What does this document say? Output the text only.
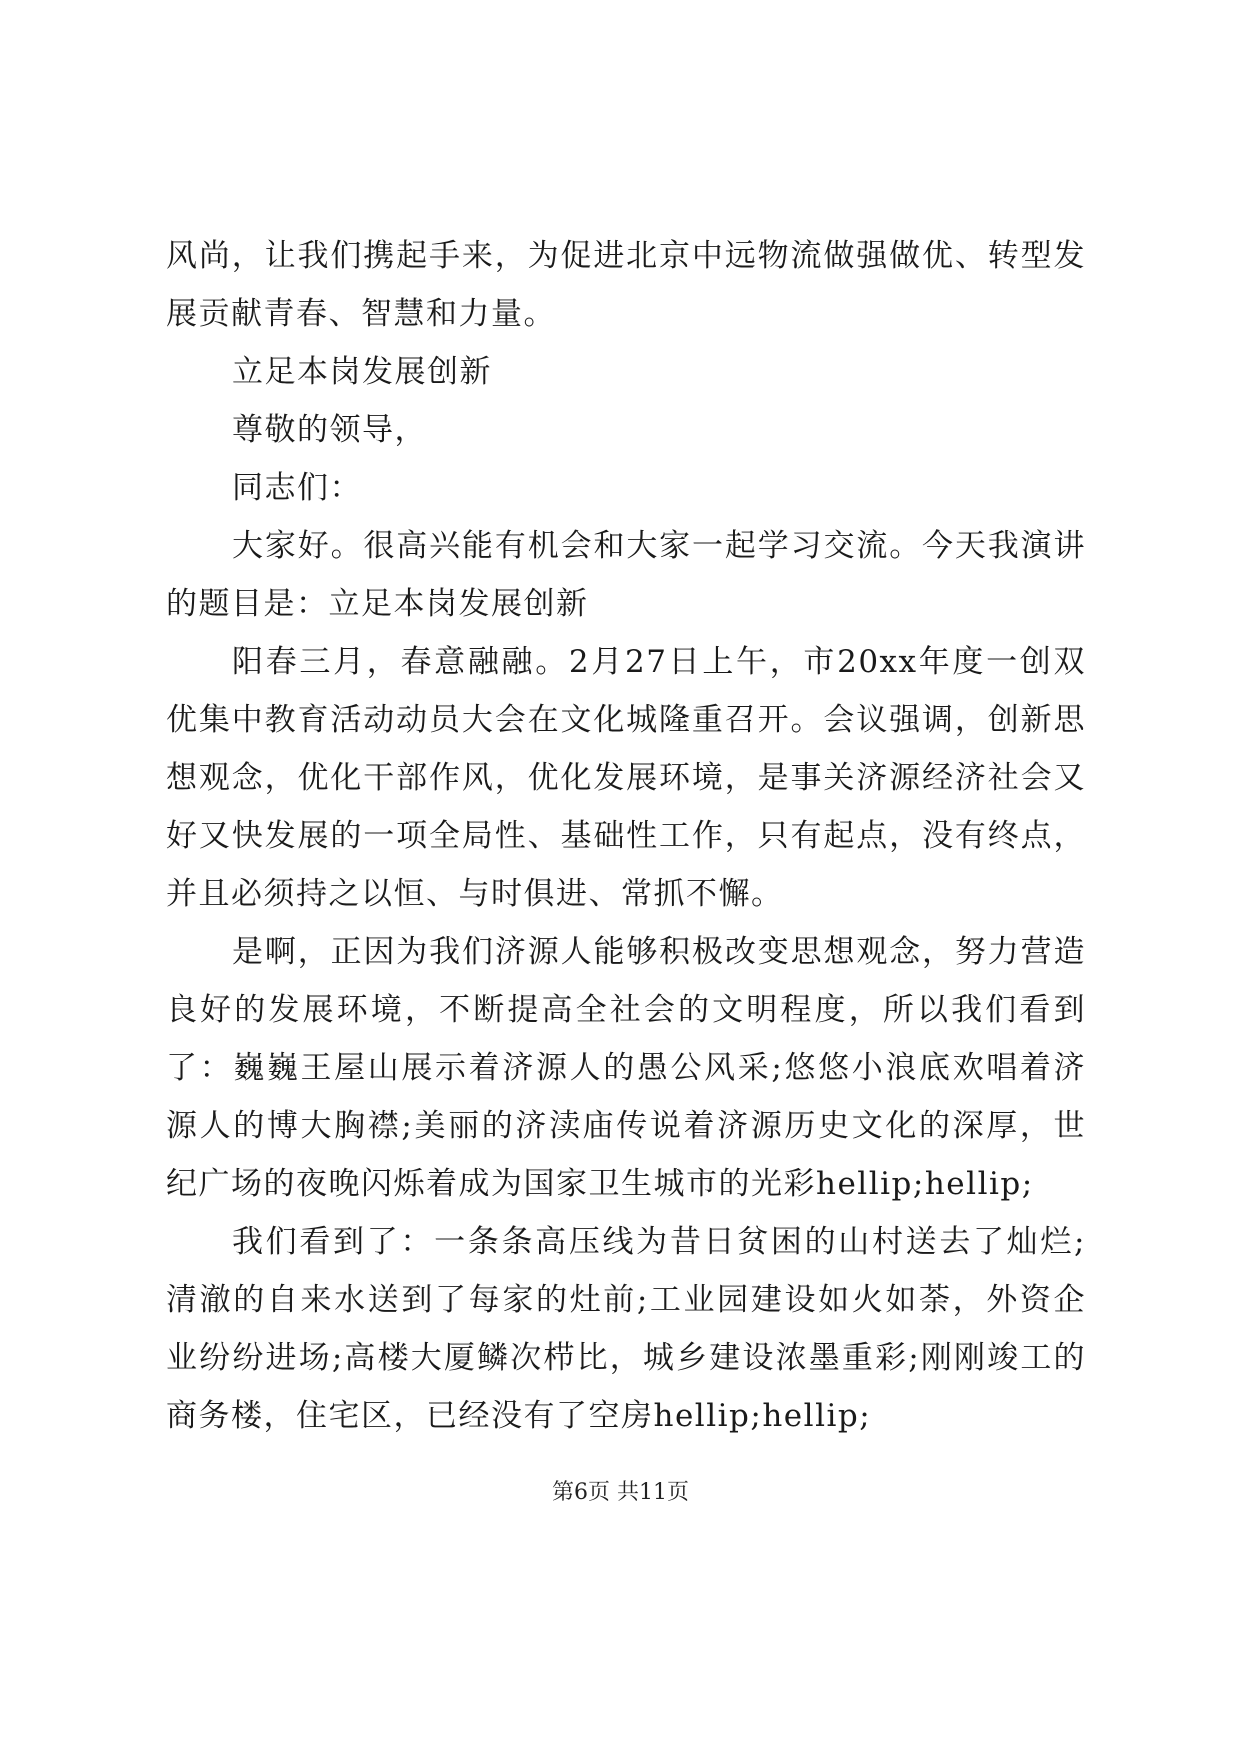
风尚，让我们携起手来，为促进北京中远物流做强做优、转型发展贡献青春、智慧和力量。

立足本岗发展创新

尊敬的领导，

同志们：

大家好。很高兴能有机会和大家一起学习交流。今天我演讲的题目是：立足本岗发展创新

阳春三月，春意融融。2月27日上午，市20xx年度一创双优集中教育活动动员大会在文化城隆重召开。会议强调，创新思想观念，优化干部作风，优化发展环境，是事关济源经济社会又好又快发展的一项全局性、基础性工作，只有起点，没有终点，并且必须持之以恒、与时俱进、常抓不懈。

是啊，正因为我们济源人能够积极改变思想观念，努力营造良好的发展环境，不断提高全社会的文明程度，所以我们看到了：巍巍王屋山展示着济源人的愚公风采;悠悠小浪底欢唱着济源人的博大胸襟;美丽的济渎庙传说着济源历史文化的深厚，世纪广场的夜晚闪烁着成为国家卫生城市的光彩hellip;hellip;

我们看到了：一条条高压线为昔日贫困的山村送去了灿烂;清澈的自来水送到了每家的灶前;工业园建设如火如荼，外资企业纷纷进场;高楼大厦鳞次栉比，城乡建设浓墨重彩;刚刚竣工的商务楼，住宅区，已经没有了空房hellip;hellip;

第6页 共11页
